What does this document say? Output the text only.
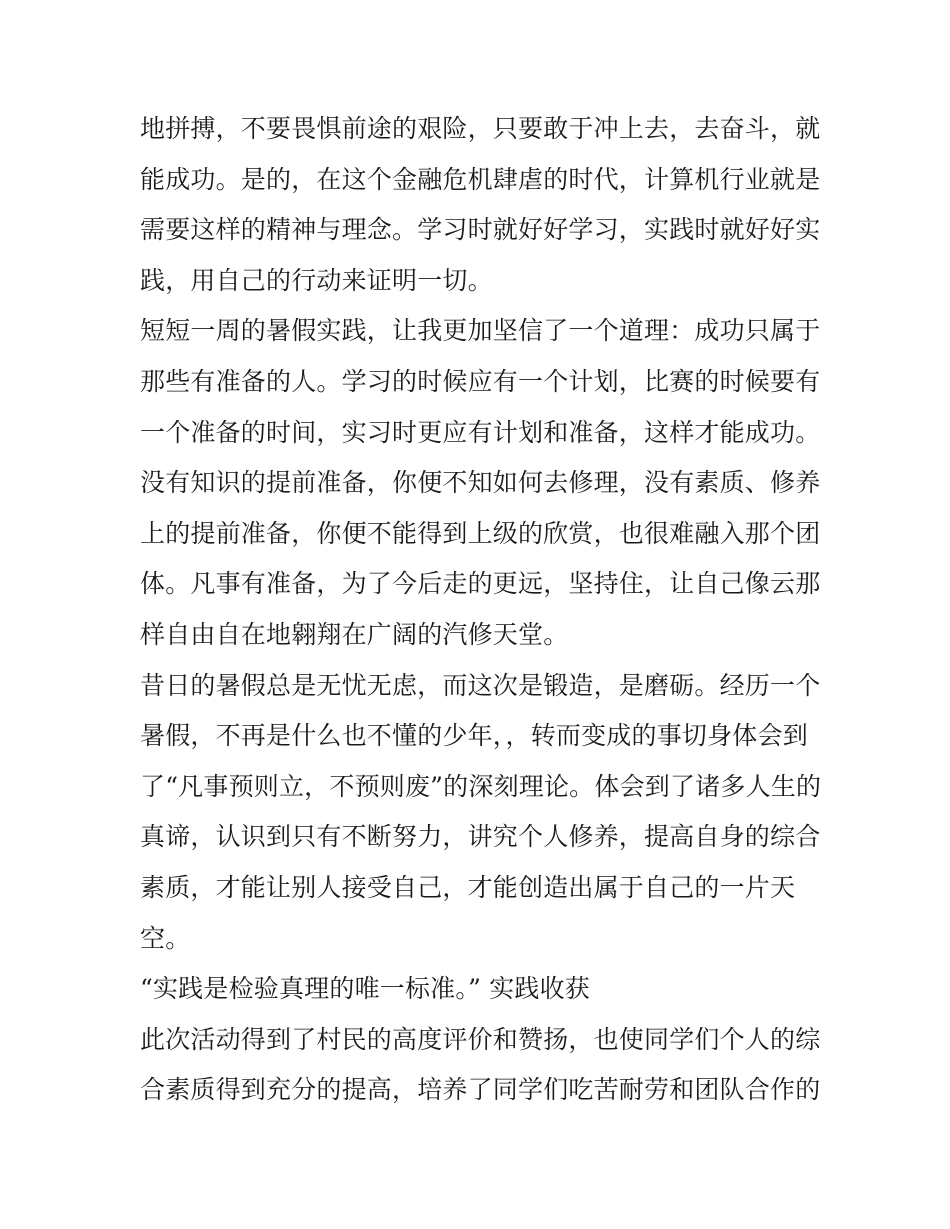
地拼搏，不要畏惧前途的艰险，只要敢于冲上去，去奋斗，就
能成功。是的，在这个金融危机肆虐的时代，计算机行业就是
需要这样的精神与理念。学习时就好好学习，实践时就好好实
践，用自己的行动来证明一切。
短短一周的暑假实践，让我更加坚信了一个道理：成功只属于
那些有准备的人。学习的时候应有一个计划，比赛的时候要有
一个准备的时间，实习时更应有计划和准备，这样才能成功。
没有知识的提前准备，你便不知如何去修理，没有素质、修养
上的提前准备，你便不能得到上级的欣赏，也很难融入那个团
体。凡事有准备，为了今后走的更远，坚持住，让自己像云那
样自由自在地翱翔在广阔的汽修天堂。
昔日的暑假总是无忧无虑，而这次是锻造，是磨砺。经历一个
暑假，不再是什么也不懂的少年，，转而变成的事切身体会到
了“凡事预则立，不预则废”的深刻理论。体会到了诸多人生的
真谛，认识到只有不断努力，讲究个人修养，提高自身的综合
素质，才能让别人接受自己，才能创造出属于自己的一片天
空。
“实践是检验真理的唯一标准。” 实践收获
此次活动得到了村民的高度评价和赞扬，也使同学们个人的综
合素质得到充分的提高，培养了同学们吃苦耐劳和团队合作的
